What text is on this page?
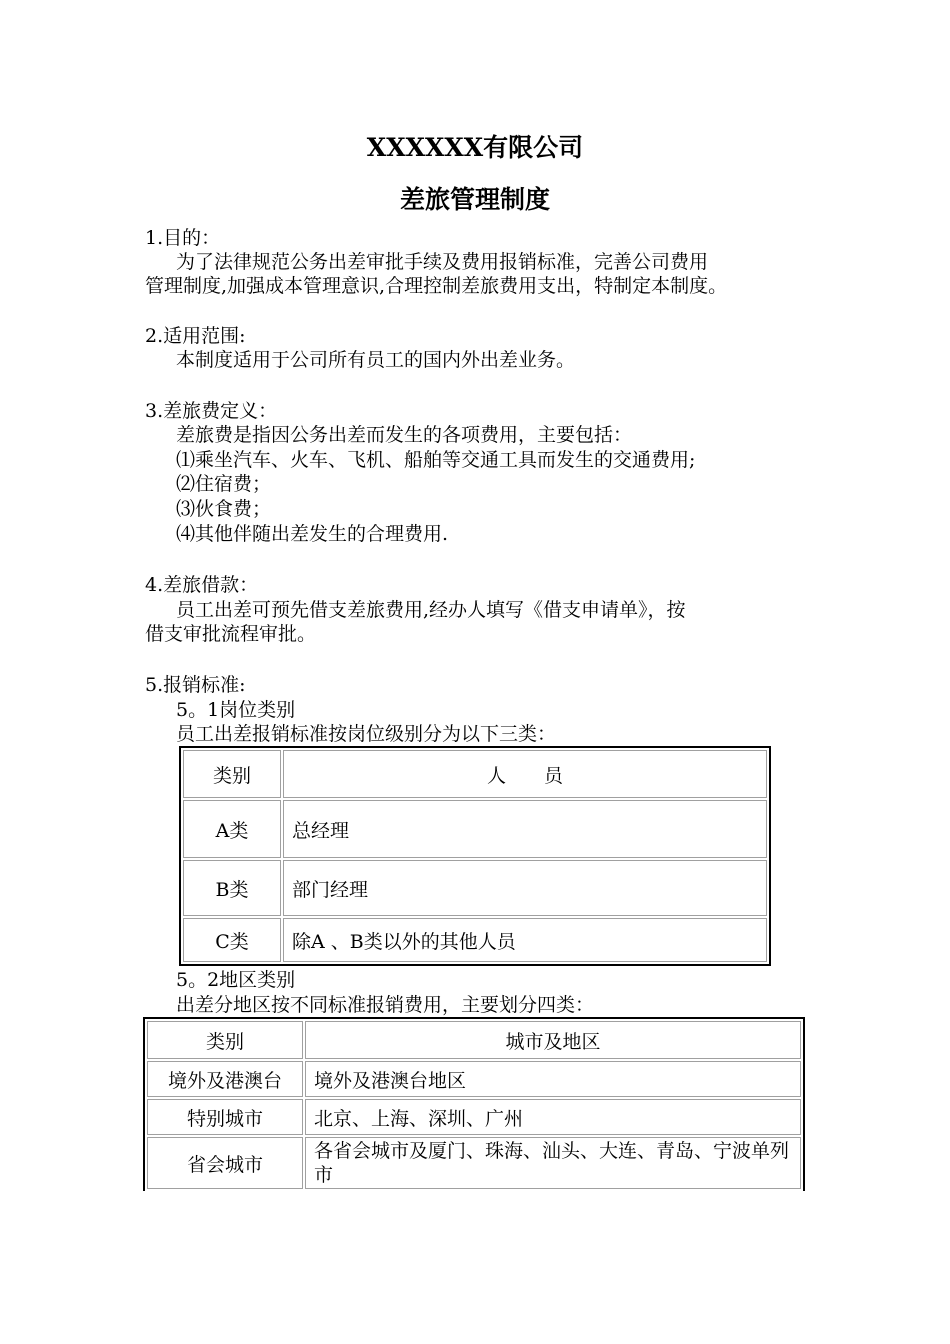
XXXXXX有限公司
差旅管理制度
1.目的：
为了法律规范公务出差审批手续及费用报销标准，完善公司费用
管理制度,加强成本管理意识,合理控制差旅费用支出，特制定本制度。
2.适用范围:
本制度适用于公司所有员工的国内外出差业务。
3.差旅费定义：
差旅费是指因公务出差而发生的各项费用，主要包括：
⑴乘坐汽车、火车、飞机、船舶等交通工具而发生的交通费用;
⑵住宿费；
⑶伙食费；
⑷其他伴随出差发生的合理费用.
4.差旅借款：
员工出差可预先借支差旅费用,经办人填写《借支申请单》，按
借支审批流程审批。
5.报销标准:
5。1岗位类别
员工出差报销标准按岗位级别分为以下三类：
类别	人　　员
A类	总经理
B类	部门经理
C类	除A 、B类以外的其他人员
5。2地区类别
出差分地区按不同标准报销费用，主要划分四类：
类别	城市及地区
境外及港澳台	境外及港澳台地区
特别城市	北京、上海、深圳、广州
省会城市	各省会城市及厦门、珠海、汕头、大连、青岛、宁波单列市
